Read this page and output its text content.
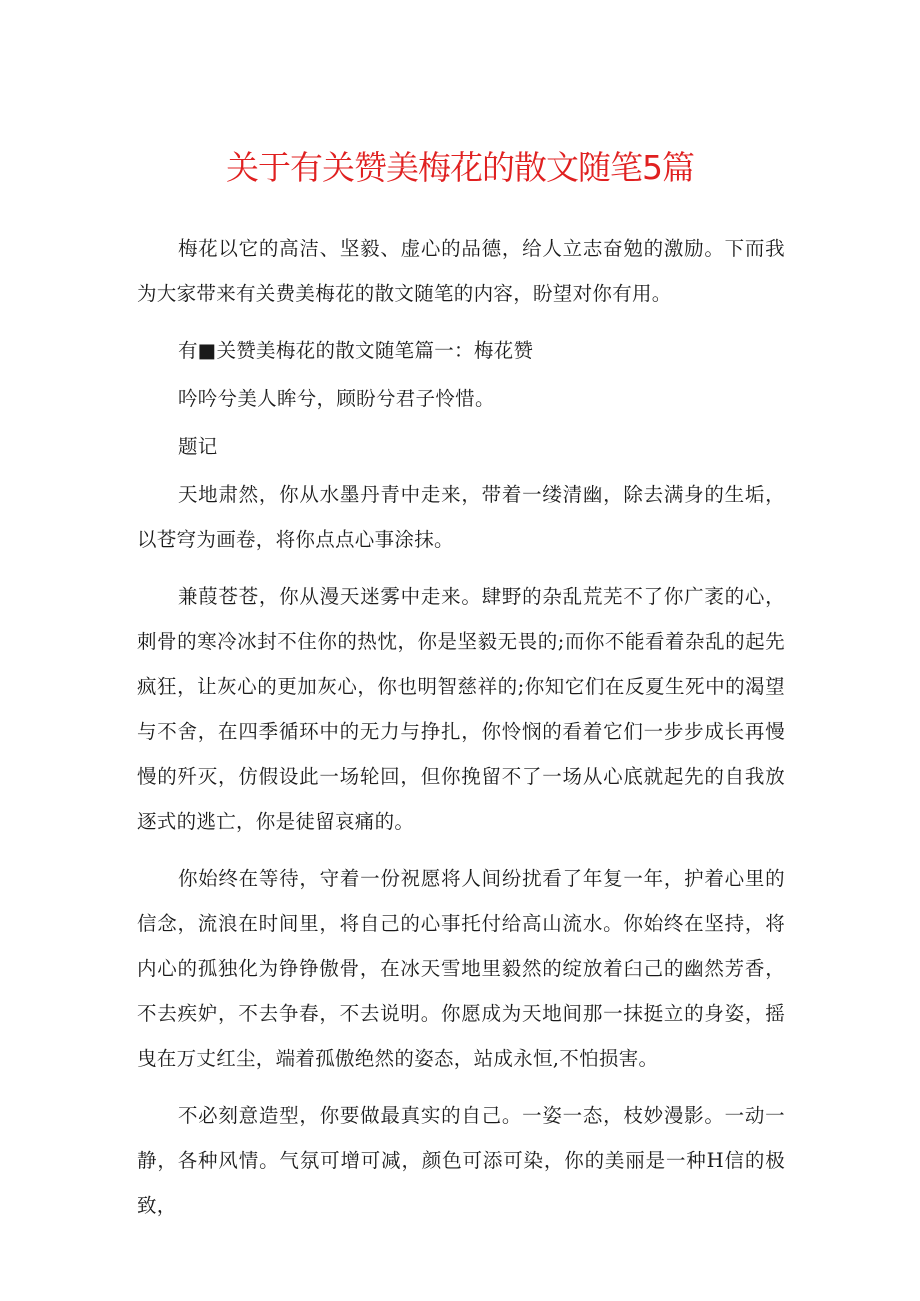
关于有关赞美梅花的散文随笔5篇

梅花以它的高洁、坚毅、虚心的品德，给人立志奋勉的激励。下而我为大家带来有关费美梅花的散文随笔的内容，盼望对你有用。

有■关赞美梅花的散文随笔篇一：梅花赞

吟吟兮美人眸兮，顾盼兮君子怜惜。

题记

天地肃然，你从水墨丹青中走来，带着一缕清幽，除去满身的生垢，以苍穹为画卷，将你点点心事涂抹。

兼葭苍苍，你从漫天迷雾中走来。肆野的杂乱荒芜不了你广袤的心，刺骨的寒冷冰封不住你的热忱，你是坚毅无畏的;而你不能看着杂乱的起先疯狂，让灰心的更加灰心，你也明智慈祥的;你知它们在反夏生死中的渴望与不舍，在四季循环中的无力与挣扎，你怜悯的看着它们一步步成长再慢慢的歼灭，仿假设此一场轮回，但你挽留不了一场从心底就起先的自我放逐式的逃亡，你是徒留哀痛的。

你始终在等待，守着一份祝愿将人间纷扰看了年复一年，护着心里的信念，流浪在时间里，将自己的心事托付给高山流水。你始终在坚持，将内心的孤独化为铮铮傲骨，在冰天雪地里毅然的绽放着臼己的幽然芳香，不去疾妒，不去争春，不去说明。你愿成为天地间那一抹挺立的身姿，摇曳在万丈红尘，端着孤傲绝然的姿态，站成永恒,不怕损害。

不必刻意造型，你要做最真实的自己。一姿一态，枝妙漫影。一动一静，各种风情。气氛可增可减，颜色可添可染，你的美丽是一种H信的极致，
